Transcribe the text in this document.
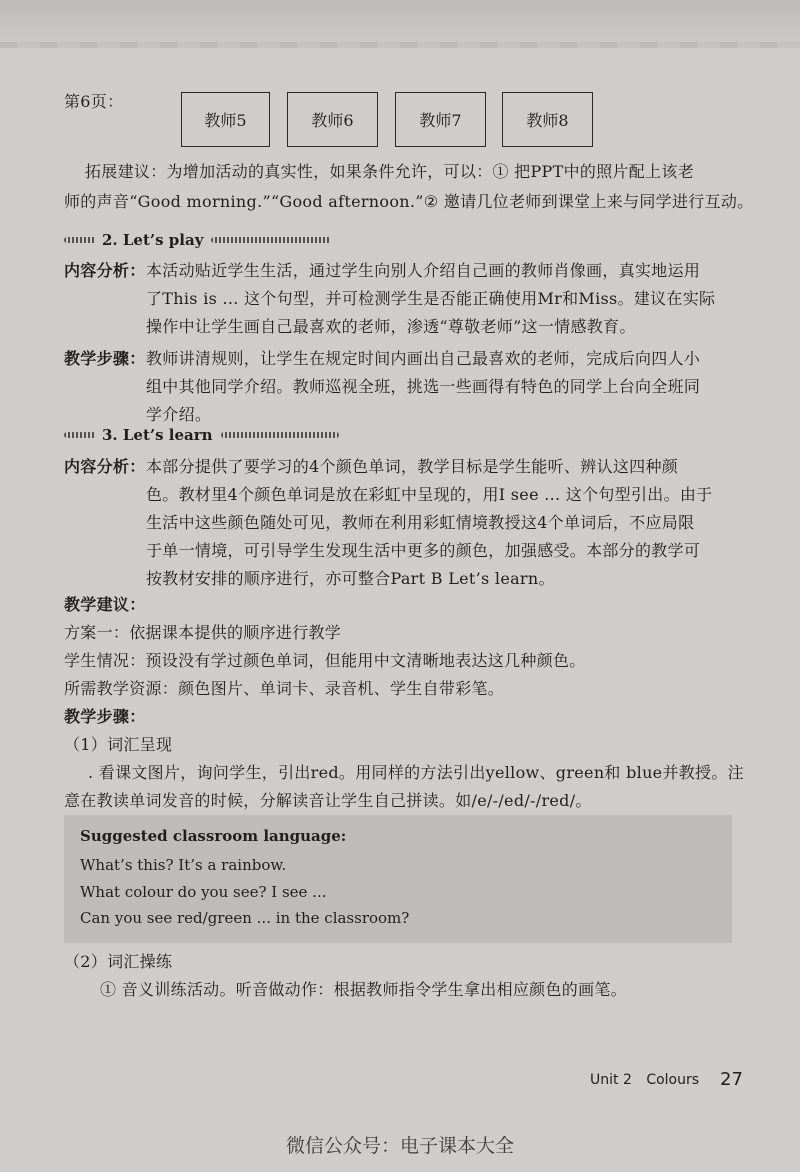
第6页：
教师5	教师6	教师7	教师8
拓展建议：为增加活动的真实性，如果条件允许，可以：① 把PPT中的照片配上该老
师的声音“Good morning.”“Good afternoon.”② 邀请几位老师到课堂上来与同学进行互动。
2. Let’s play
内容分析： 本活动贴近学生生活，通过学生向别人介绍自己画的教师肖像画，真实地运用
了This is ... 这个句型，并可检测学生是否能正确使用Mr和Miss。建议在实际
操作中让学生画自己最喜欢的老师，渗透“尊敬老师”这一情感教育。
教学步骤： 教师讲清规则，让学生在规定时间内画出自己最喜欢的老师，完成后向四人小
组中其他同学介绍。教师巡视全班，挑选一些画得有特色的同学上台向全班同
学介绍。
3. Let’s learn
内容分析： 本部分提供了要学习的4个颜色单词，教学目标是学生能听、辨认这四种颜
色。教材里4个颜色单词是放在彩虹中呈现的，用I see ... 这个句型引出。由于
生活中这些颜色随处可见，教师在利用彩虹情境教授这4个单词后，不应局限
于单一情境，可引导学生发现生活中更多的颜色，加强感受。本部分的教学可
按教材安排的顺序进行，亦可整合Part B Let’s learn。
教学建议：
方案一：依据课本提供的顺序进行教学
学生情况：预设没有学过颜色单词，但能用中文清晰地表达这几种颜色。
所需教学资源：颜色图片、单词卡、录音机、学生自带彩笔。
教学步骤：
（1）词汇呈现
. 看课文图片，询问学生，引出red。用同样的方法引出yellow、green和 blue并教授。注
意在教读单词发音的时候，分解读音让学生自己拼读。如/e/-/ed/-/red/。
Suggested classroom language:
What’s this? It’s a rainbow.
What colour do you see? I see ...
Can you see red/green ... in the classroom?
（2）词汇操练
① 音义训练活动。听音做动作：根据教师指令学生拿出相应颜色的画笔。
Unit 2 Colours 27
微信公众号：电子课本大全
